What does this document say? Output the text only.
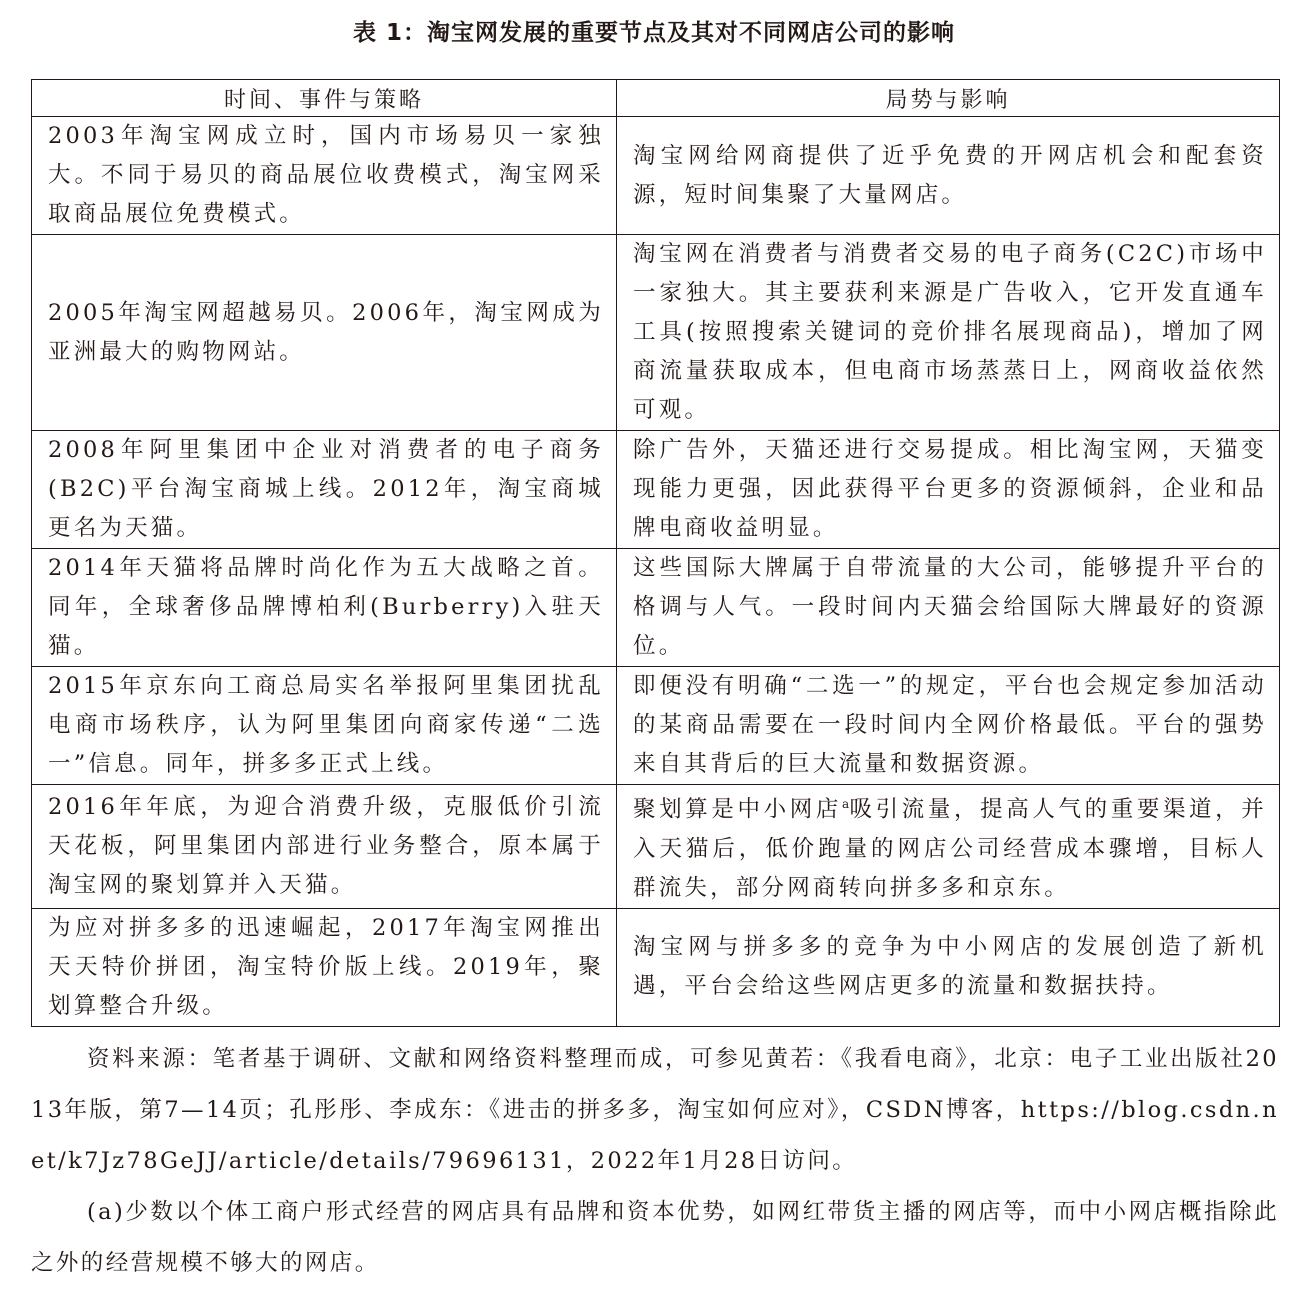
表 1：淘宝网发展的重要节点及其对不同网店公司的影响
时间、事件与策略	局势与影响
2003年淘宝网成立时，国内市场易贝一家独大。不同于易贝的商品展位收费模式，淘宝网采取商品展位免费模式。	淘宝网给网商提供了近乎免费的开网店机会和配套资源，短时间集聚了大量网店。
2005年淘宝网超越易贝。2006年，淘宝网成为亚洲最大的购物网站。	淘宝网在消费者与消费者交易的电子商务(C2C)市场中一家独大。其主要获利来源是广告收入，它开发直通车工具(按照搜索关键词的竞价排名展现商品)，增加了网商流量获取成本，但电商市场蒸蒸日上，网商收益依然可观。
2008年阿里集团中企业对消费者的电子商务(B2C)平台淘宝商城上线。2012年，淘宝商城更名为天猫。	除广告外，天猫还进行交易提成。相比淘宝网，天猫变现能力更强，因此获得平台更多的资源倾斜，企业和品牌电商收益明显。
2014年天猫将品牌时尚化作为五大战略之首。同年，全球奢侈品牌博柏利(Burberry)入驻天猫。	这些国际大牌属于自带流量的大公司，能够提升平台的格调与人气。一段时间内天猫会给国际大牌最好的资源位。
2015年京东向工商总局实名举报阿里集团扰乱电商市场秩序，认为阿里集团向商家传递“二选一”信息。同年，拼多多正式上线。	即便没有明确“二选一”的规定，平台也会规定参加活动的某商品需要在一段时间内全网价格最低。平台的强势来自其背后的巨大流量和数据资源。
2016年年底，为迎合消费升级，克服低价引流天花板，阿里集团内部进行业务整合，原本属于淘宝网的聚划算并入天猫。	聚划算是中小网店$^a$吸引流量，提高人气的重要渠道，并入天猫后，低价跑量的网店公司经营成本骤增，目标人群流失，部分网商转向拼多多和京东。
为应对拼多多的迅速崛起，2017年淘宝网推出天天特价拼团，淘宝特价版上线。2019年，聚划算整合升级。	淘宝网与拼多多的竞争为中小网店的发展创造了新机遇，平台会给这些网店更多的流量和数据扶持。

资料来源：笔者基于调研、文献和网络资料整理而成，可参见黄若：《我看电商》，北京：电子工业出版社2013年版，第7—14页；孔彤彤、李成东：《进击的拼多多，淘宝如何应对》，CSDN博客，https://blog.csdn.net/k7Jz78GeJJ/article/details/79696131，2022年1月28日访问。

(a)少数以个体工商户形式经营的网店具有品牌和资本优势，如网红带货主播的网店等，而中小网店概指除此之外的经营规模不够大的网店。
